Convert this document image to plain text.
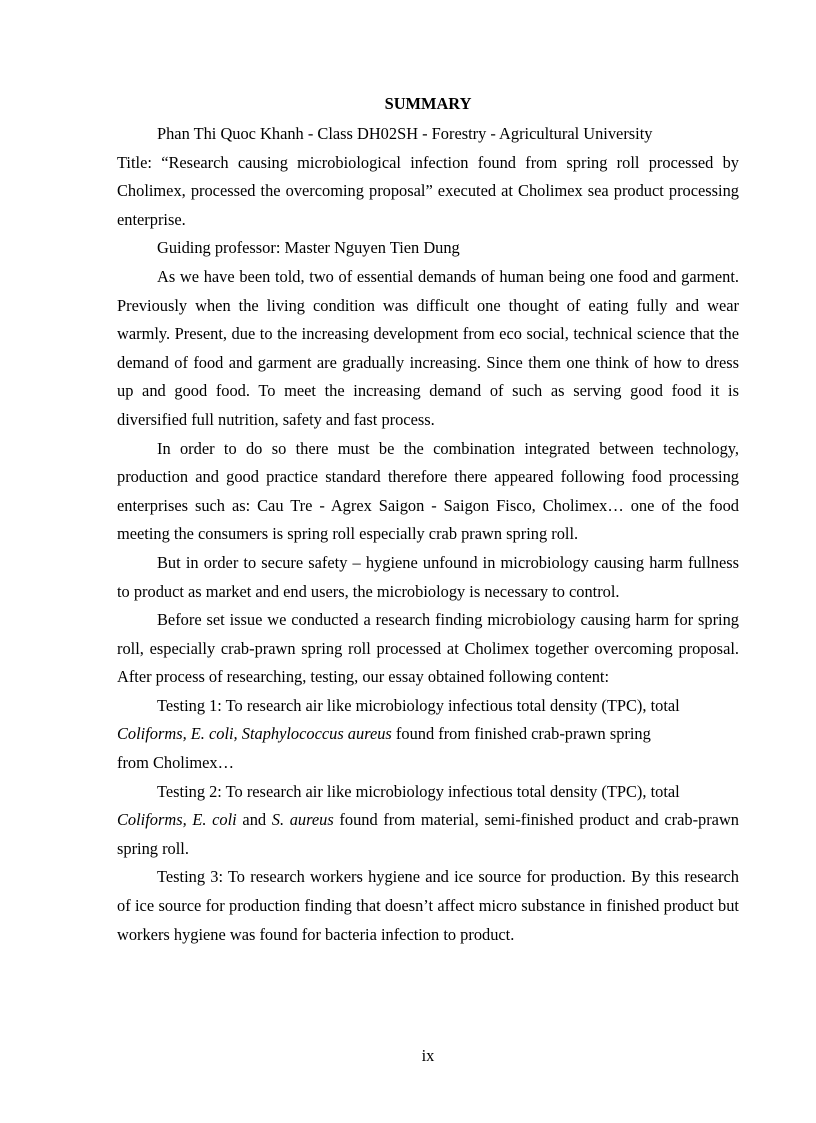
SUMMARY

Phan Thi Quoc Khanh - Class DH02SH - Forestry - Agricultural University

Title: “Research causing microbiological infection found from spring roll processed by Cholimex, processed the overcoming proposal” executed at Cholimex sea product processing enterprise.

Guiding professor: Master Nguyen Tien Dung

As we have been told, two of essential demands of human being one food and garment. Previously when the living condition was difficult one thought of eating fully and wear warmly. Present, due to the increasing development from eco social, technical science that the demand of food and garment are gradually increasing. Since them one think of how to dress up and good food. To meet the increasing demand of such as serving good food it is diversified full nutrition, safety and fast process.

In order to do so there must be the combination integrated between technology, production and good practice standard therefore there appeared following food processing enterprises such as: Cau Tre - Agrex Saigon - Saigon Fisco, Cholimex… one of the food meeting the consumers is spring roll especially crab prawn spring roll.

But in order to secure safety – hygiene unfound in microbiology causing harm fullness to product as market and end users, the microbiology is necessary to control.

Before set issue we conducted a research finding microbiology causing harm for spring roll, especially crab-prawn spring roll processed at Cholimex together overcoming proposal. After process of researching, testing, our essay obtained following content:

Testing 1: To research air like microbiology infectious total density (TPC), total

Coliforms, E. coli, Staphylococcus aureus found from finished crab-prawn spring

from Cholimex…

Testing 2: To research air like microbiology infectious total density (TPC), total

Coliforms, E. coli and S. aureus found from material, semi-finished product and crab-prawn spring roll.

Testing 3: To research workers hygiene and ice source for production. By this research of ice source for production finding that doesn’t affect micro substance in finished product but workers hygiene was found for bacteria infection to product.

ix
